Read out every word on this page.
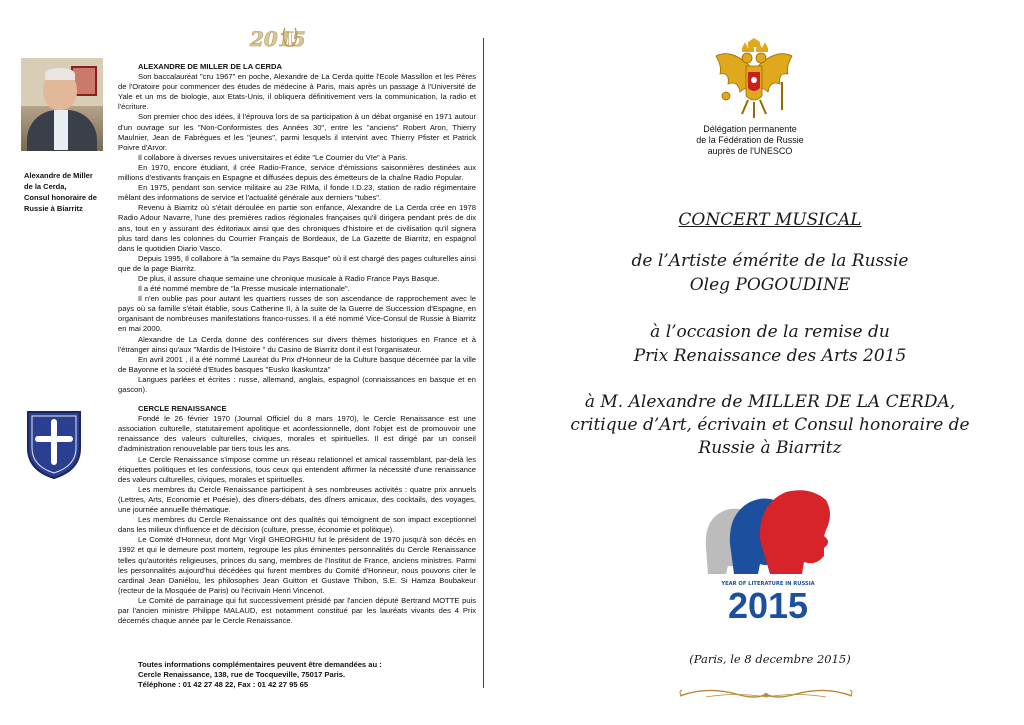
Alexandre de Miller
de la Cerda,
Consul honoraire de
Russie à Biarritz
2015
ALEXANDRE DE MILLER DE LA CERDA

Son baccalauréat "cru 1967" en poche, Alexandre de La Cerda quitte l'Ecole Massillon et les Pères de l'Oratoire pour commencer des études de médecine à Paris, mais après un passage à l'Université de Yale et un ms de biologie, aux Etats-Unis, il obliquera définitivement vers la communication, la radio et l'écriture.

Son premier choc des idées, il l'éprouva lors de sa participation à un débat organisé en 1971 autour d'un ouvrage sur les "Non-Conformistes des Années 30", entre les "anciens" Robert Aron, Thierry Maulnier, Jean de Fabrègues et les "jeunes", parmi lesquels il intervint avec Thierry Pfister et Patrick Poivre d'Arvor.

Il collabore à diverses revues universitaires et édite "Le Courrier du VIe" à Paris.

En 1970, encore étudiant, il crée Radio-France, service d'émissions saisonnières destinées aux millions d'estivants français en Espagne et diffusées depuis des émetteurs de la chaîne Radio Popular.

En 1975, pendant son service militaire au 23e RIMa, il fonde I.D.23, station de radio régimentaire mêlant des informations de service et l'actualité générale aux derniers "tubes".

Revenu à Biarritz où s'était déroulée en partie son enfance, Alexandre de La Cerda crée en 1978 Radio Adour Navarre, l'une des premières radios régionales françaises qu'il dirigera pendant près de dix ans, tout en y assurant des éditoriaux ainsi que des chroniques d'histoire et de civilisation qu'il signera plus tard dans les colonnes du Courrier Français de Bordeaux, de La Gazette de Biarritz, en espagnol dans le quotidien Diario Vasco.

Depuis 1995, Il collabore à "la semaine du Pays Basque" où il est chargé des pages culturelles ainsi que de la page Biarritz.

De plus, il assure chaque semaine une chronique musicale à Radio France Pays Basque.

Il a été nommé membre de "la Presse musicale internationale".

Il n'en oublie pas pour autant les quartiers russes de son ascendance de rapprochement avec le pays où sa famille s'était établie, sous Catherine II, à la suite de la Guerre de Succession d'Espagne, en organisant de nombreuses manifestations franco-russes. Il a été nommé Vice-Consul de Russie à Biarritz en mai 2000.

Alexandre de La Cerda donne des conférences sur divers thèmes historiques en France et à l'étranger ainsi qu'aux "Mardis de l'Histoire " du Casino de Biarritz dont il est l'organisateur.

En avril 2001 , il a été nommé Lauréat du Prix d'Honneur de la Culture basque décernée par la ville de Bayonne et la société d'Etudes basques "Eusko Ikaskuntza"

Langues parlées et écrites : russe, allemand, anglais, espagnol (connaissances en basque et en gascon).

CERCLE RENAISSANCE

Fondé le 26 février 1970 (Journal Officiel du 8 mars 1970), le Cercle Renaissance est une association culturelle, statutairement apolitique et aconfessionnelle, dont l'objet est de promouvoir une renaissance des valeurs culturelles, civiques, morales et spirituelles. Il est dirigé par un conseil d'administration renouvelable par tiers tous les ans.

Le Cercle Renaissance s'impose comme un réseau relationnel et amical rassemblant, par-delà les étiquettes politiques et les confessions, tous ceux qui entendent affirmer la nécessité d'une renaissance des valeurs culturelles, civiques, morales et spirituelles.

Les membres du Cercle Renaissance participent à ses nombreuses activités : quatre prix annuels (Lettres, Arts, Economie et Poésie), des dîners-débats, des dîners amicaux, des cocktails, des voyages, une journée annuelle thématique.

Les membres du Cercle Renaissance ont des qualités qui témoignent de son impact exceptionnel dans les milieux d'influence et de décision (culture, presse, économie et politique).

Le Comité d'Honneur, dont Mgr Virgil GHEORGHIU fut le président de 1970 jusqu'à son décès en 1992 et qui le demeure post mortem, regroupe les plus éminentes personnalités du Cercle Renaissance telles qu'autorités religieuses, princes du sang, membres de l'Institut de France, anciens ministres. Parmi les personnalités aujourd'hui décédées qui furent membres du Comité d'Honneur, nous pouvons citer le cardinal Jean Daniélou, les philosophes Jean Guitton et Gustave Thibon, S.E. Si Hamza Boubakeur (recteur de la Mosquée de Paris) ou l'écrivain Henri Vincenot.

Le Comité de parrainage qui fut successivement présidé par l'ancien député Bertrand MOTTE puis par l'ancien ministre Philippe MALAUD, est notamment constitué par les lauréats vivants des 4 Prix décernés chaque année par le Cercle Renaissance.

Toutes informations complémentaires peuvent être demandées au :
Cercle Renaissance, 138, rue de Tocqueville, 75017 Paris.
Téléphone : 01 42 27 48 22, Fax : 01 42 27 95 65
Délégation permanente
de la Fédération de Russie
auprès de l'UNESCO
CONCERT MUSICAL
de l’Artiste émérite de la Russie
Oleg POGOUDINE
à l’occasion de la remise du
Prix Renaissance des Arts 2015
à M. Alexandre de MILLER DE LA CERDA,
critique d’Art, écrivain et Consul honoraire de
Russie à Biarritz
YEAR OF LITERATURE IN RUSSIA
2015
(Paris, le 8 decembre 2015)
